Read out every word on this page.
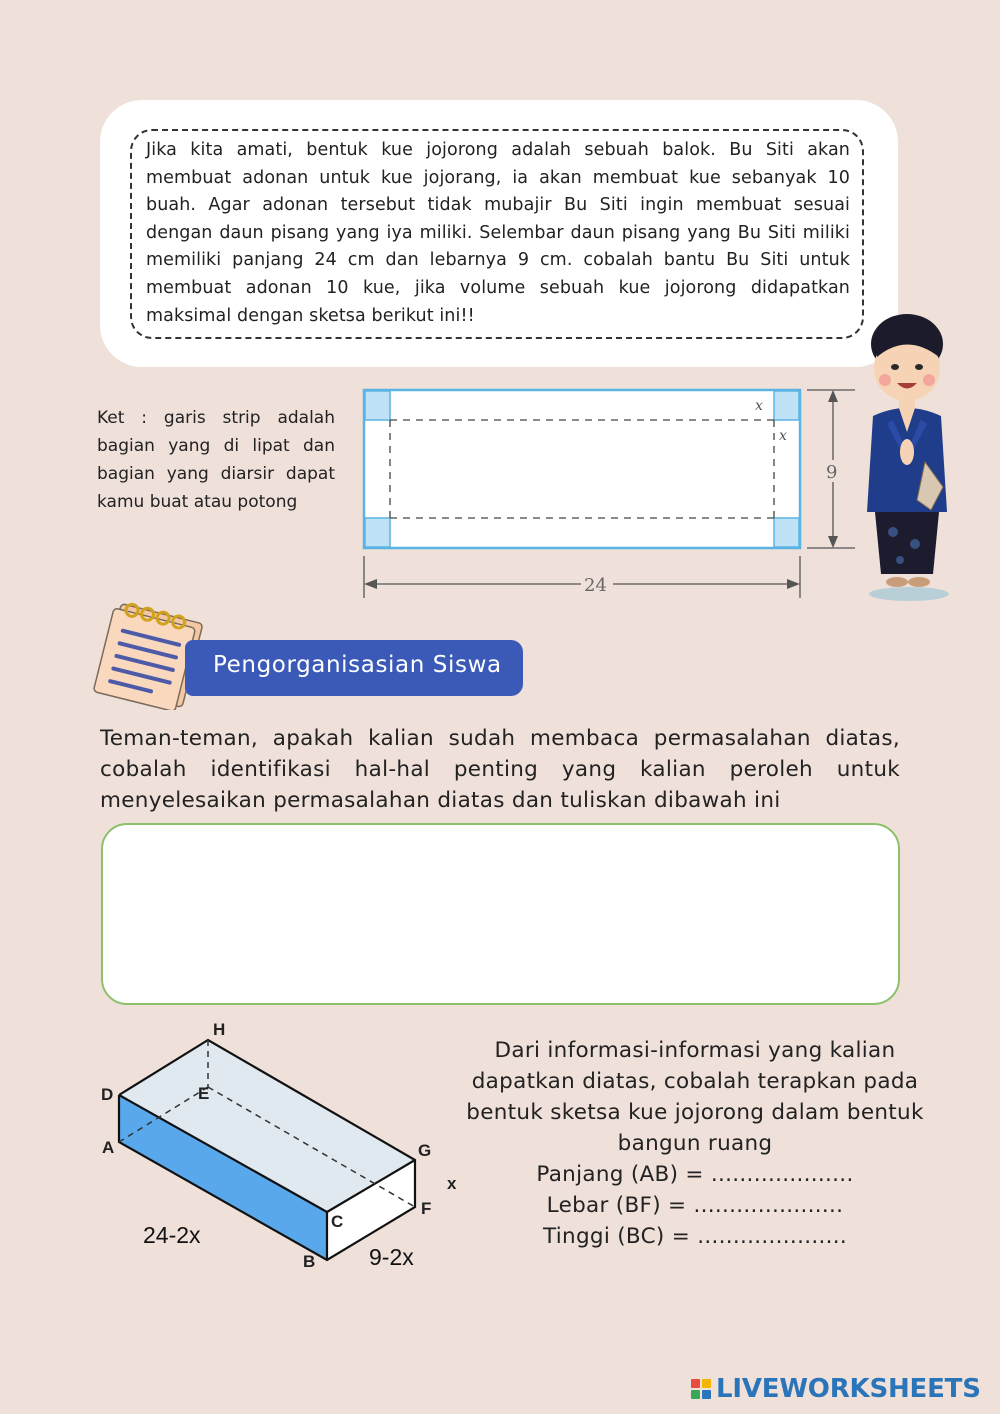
Jika kita amati, bentuk kue jojorong adalah sebuah balok. Bu Siti akan membuat adonan untuk kue jojorang, ia akan membuat kue sebanyak 10 buah. Agar adonan tersebut tidak mubajir Bu Siti ingin membuat sesuai dengan daun pisang yang iya miliki. Selembar daun pisang yang Bu Siti miliki memiliki panjang 24 cm dan lebarnya 9 cm. cobalah bantu Bu Siti untuk membuat adonan 10 kue, jika volume sebuah kue jojorong didapatkan maksimal dengan sketsa berikut ini!!

Ket : garis strip adalah bagian yang di lipat dan bagian yang diarsir dapat kamu buat atau potong

x
x
9
24
Pengorganisasian Siswa

Teman-teman, apakah kalian sudah membaca permasalahan diatas, cobalah identifikasi hal-hal penting yang kalian peroleh untuk menyelesaikan permasalahan diatas dan tuliskan dibawah ini

H
D	E
A	G
F
C
B
x
24-2x
9-2x

Dari informasi-informasi yang kalian dapatkan diatas, cobalah terapkan pada bentuk sketsa kue jojorong dalam bentuk bangun ruang

Panjang (AB) = ....................

Lebar (BF) = .....................

Tinggi (BC) = .....................

LIVEWORKSHEETS
